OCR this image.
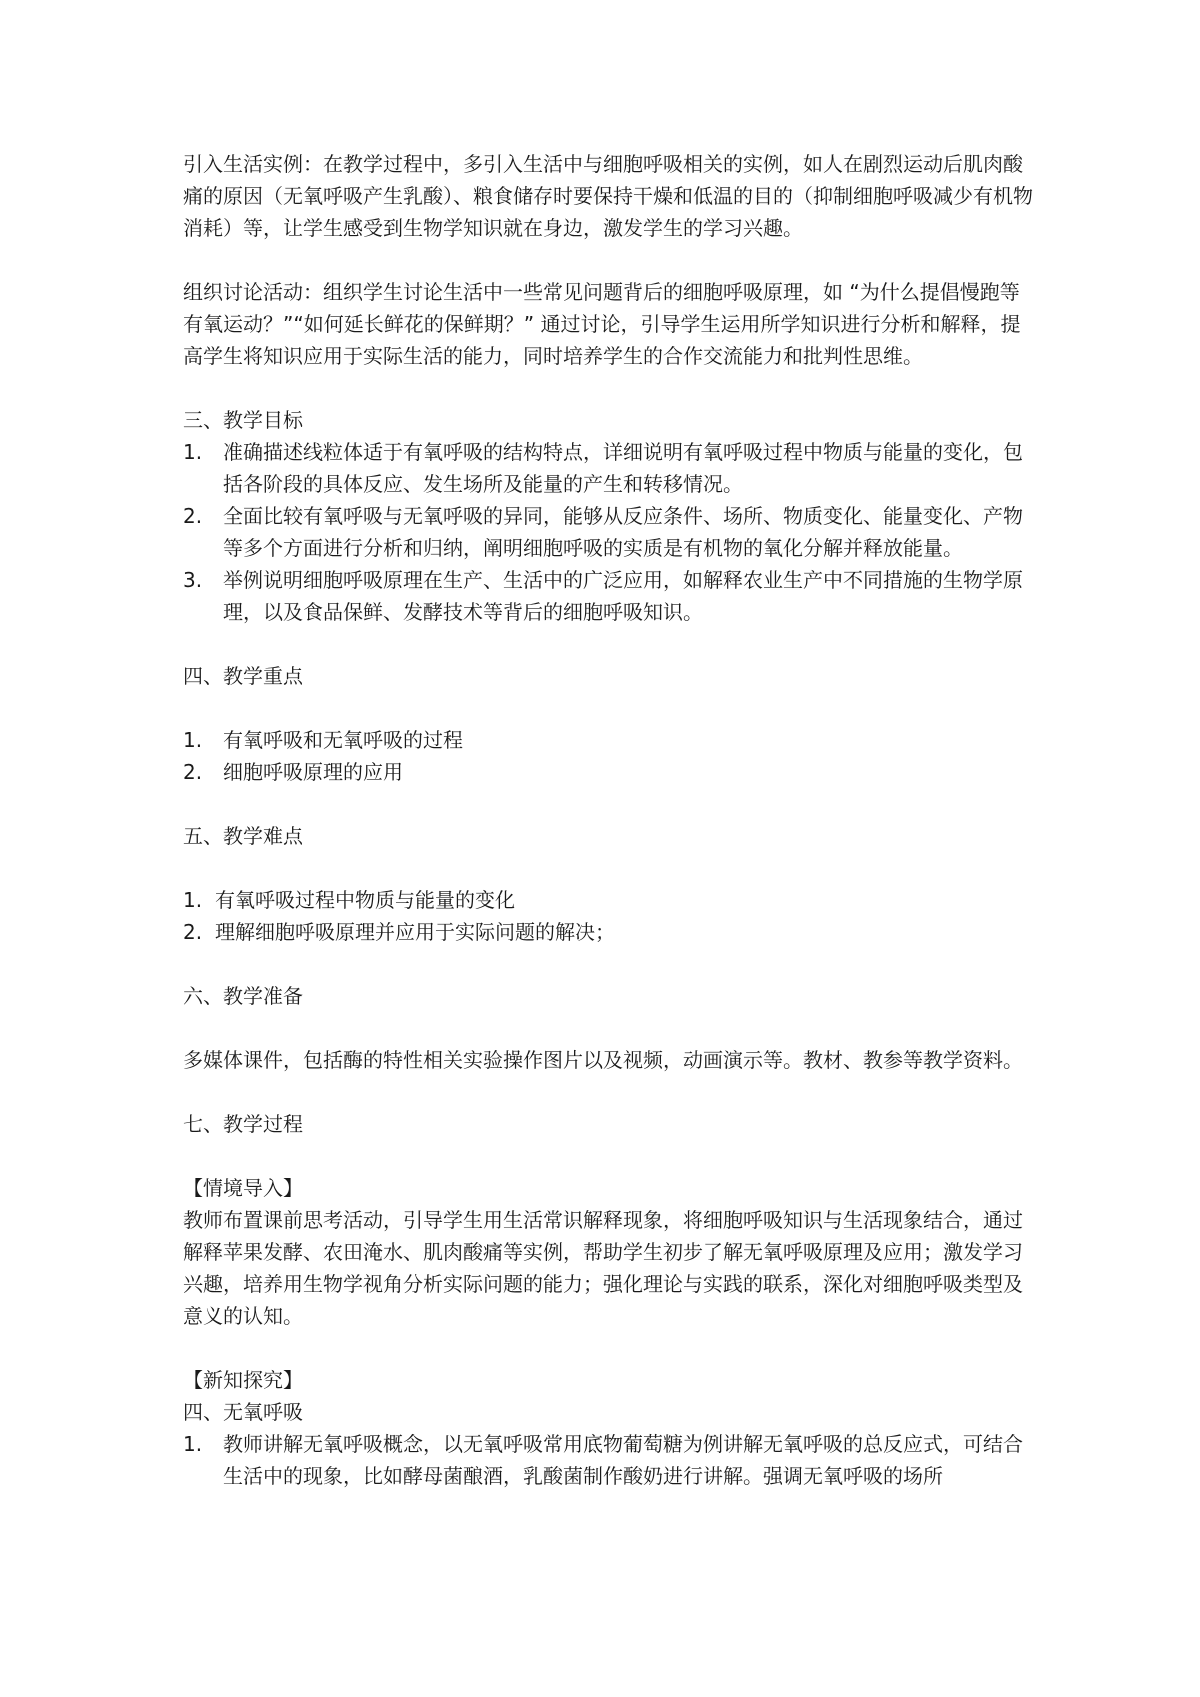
引入生活实例：在教学过程中，多引入生活中与细胞呼吸相关的实例，如人在剧烈运动后肌肉酸痛的原因（无氧呼吸产生乳酸）、粮食储存时要保持干燥和低温的目的（抑制细胞呼吸减少有机物消耗）等，让学生感受到生物学知识就在身边，激发学生的学习兴趣。

组织讨论活动：组织学生讨论生活中一些常见问题背后的细胞呼吸原理，如 “为什么提倡慢跑等有氧运动？”“如何延长鲜花的保鲜期？” 通过讨论，引导学生运用所学知识进行分析和解释，提高学生将知识应用于实际生活的能力，同时培养学生的合作交流能力和批判性思维。

三、教学目标

1.	准确描述线粒体适于有氧呼吸的结构特点，详细说明有氧呼吸过程中物质与能量的变化，包括各阶段的具体反应、发生场所及能量的产生和转移情况。
2.	全面比较有氧呼吸与无氧呼吸的异同，能够从反应条件、场所、物质变化、能量变化、产物等多个方面进行分析和归纳，阐明细胞呼吸的实质是有机物的氧化分解并释放能量。
3.	举例说明细胞呼吸原理在生产、生活中的广泛应用，如解释农业生产中不同措施的生物学原理，以及食品保鲜、发酵技术等背后的细胞呼吸知识。

四、教学重点

1.	有氧呼吸和无氧呼吸的过程
2.	细胞呼吸原理的应用

五、教学难点

1. 有氧呼吸过程中物质与能量的变化
2. 理解细胞呼吸原理并应用于实际问题的解决；

六、教学准备

多媒体课件，包括酶的特性相关实验操作图片以及视频，动画演示等。教材、教参等教学资料。

七、教学过程

【情境导入】

教师布置课前思考活动，引导学生用生活常识解释现象，将细胞呼吸知识与生活现象结合，通过解释苹果发酵、农田淹水、肌肉酸痛等实例，帮助学生初步了解无氧呼吸原理及应用；激发学习兴趣，培养用生物学视角分析实际问题的能力；强化理论与实践的联系，深化对细胞呼吸类型及意义的认知。

【新知探究】

四、无氧呼吸

1.	教师讲解无氧呼吸概念，以无氧呼吸常用底物葡萄糖为例讲解无氧呼吸的总反应式，可结合生活中的现象，比如酵母菌酿酒，乳酸菌制作酸奶进行讲解。强调无氧呼吸的场所
